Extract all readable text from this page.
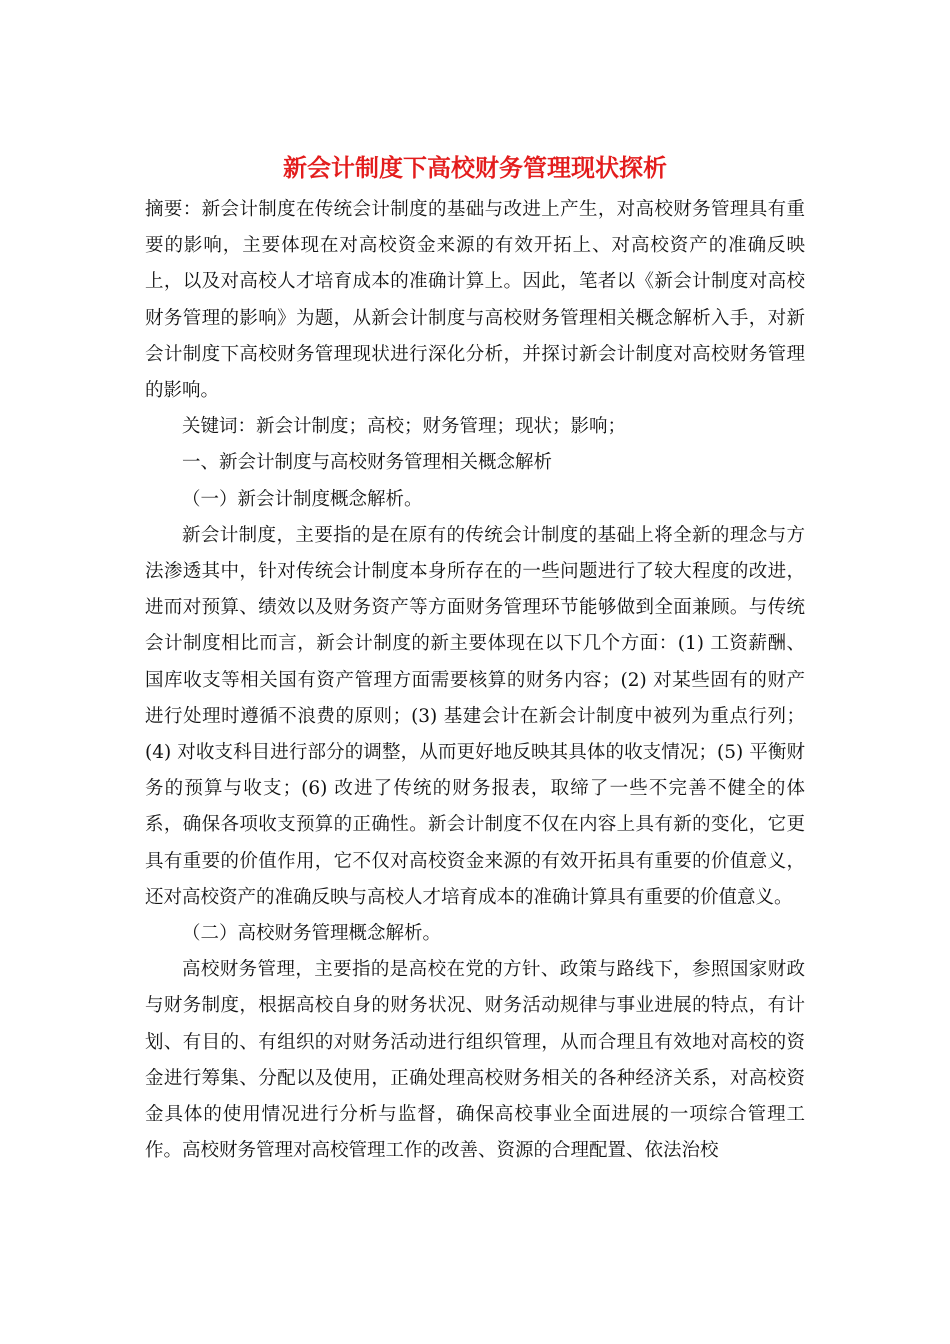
新会计制度下高校财务管理现状探析

摘要：新会计制度在传统会计制度的基础与改进上产生，对高校财务管理具有重要的影响，主要体现在对高校资金来源的有效开拓上、对高校资产的准确反映上，以及对高校人才培育成本的准确计算上。因此，笔者以《新会计制度对高校财务管理的影响》为题，从新会计制度与高校财务管理相关概念解析入手，对新会计制度下高校财务管理现状进行深化分析，并探讨新会计制度对高校财务管理的影响。

关键词：新会计制度；高校；财务管理；现状；影响；

一、新会计制度与高校财务管理相关概念解析

（一）新会计制度概念解析。

新会计制度，主要指的是在原有的传统会计制度的基础上将全新的理念与方法渗透其中，针对传统会计制度本身所存在的一些问题进行了较大程度的改进，进而对预算、绩效以及财务资产等方面财务管理环节能够做到全面兼顾。与传统会计制度相比而言，新会计制度的新主要体现在以下几个方面：(1) 工资薪酬、国库收支等相关国有资产管理方面需要核算的财务内容；(2) 对某些固有的财产进行处理时遵循不浪费的原则；(3) 基建会计在新会计制度中被列为重点行列；(4) 对收支科目进行部分的调整，从而更好地反映其具体的收支情况；(5) 平衡财务的预算与收支；(6) 改进了传统的财务报表，取缔了一些不完善不健全的体系，确保各项收支预算的正确性。新会计制度不仅在内容上具有新的变化，它更具有重要的价值作用，它不仅对高校资金来源的有效开拓具有重要的价值意义，还对高校资产的准确反映与高校人才培育成本的准确计算具有重要的价值意义。

（二）高校财务管理概念解析。

高校财务管理，主要指的是高校在党的方针、政策与路线下，参照国家财政与财务制度，根据高校自身的财务状况、财务活动规律与事业进展的特点，有计划、有目的、有组织的对财务活动进行组织管理，从而合理且有效地对高校的资金进行筹集、分配以及使用，正确处理高校财务相关的各种经济关系，对高校资金具体的使用情况进行分析与监督，确保高校事业全面进展的一项综合管理工作。高校财务管理对高校管理工作的改善、资源的合理配置、依法治校
